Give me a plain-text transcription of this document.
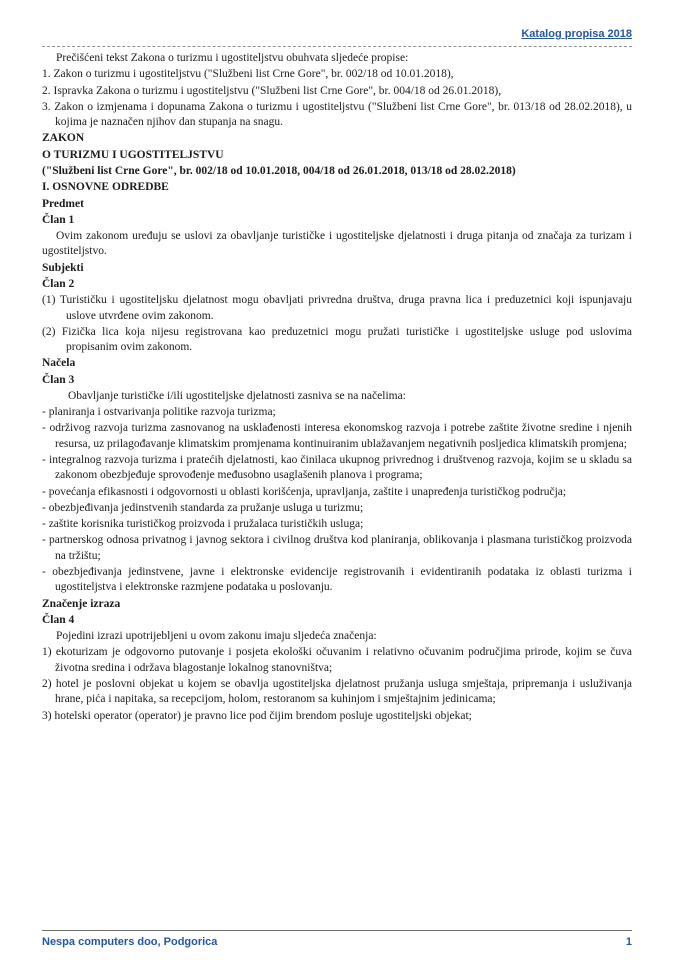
Katalog propisa 2018
Prečišćeni tekst Zakona o turizmu i ugostiteljstvu obuhvata sljedeće propise:
1. Zakon o turizmu i ugostiteljstvu ("Službeni list Crne Gore", br. 002/18 od 10.01.2018),
2. Ispravka Zakona o turizmu i ugostiteljstvu ("Službeni list Crne Gore", br. 004/18 od 26.01.2018),
3. Zakon o izmjenama i dopunama Zakona o turizmu i ugostiteljstvu ("Službeni list Crne Gore", br. 013/18 od 28.02.2018), u kojima je naznačen njihov dan stupanja na snagu.
ZAKON
O TURIZMU I UGOSTITELJSTVU
("Službeni list Crne Gore", br. 002/18 od 10.01.2018, 004/18 od 26.01.2018, 013/18 od 28.02.2018)
I. OSNOVNE ODREDBE
Predmet
Član 1
Ovim zakonom uređuju se uslovi za obavljanje turističke i ugostiteljske djelatnosti i druga pitanja od značaja za turizam i ugostiteljstvo.
Subjekti
Član 2
(1) Turističku i ugostiteljsku djelatnost mogu obavljati privredna društva, druga pravna lica i preduzetnici koji ispunjavaju uslove utvrđene ovim zakonom.
(2) Fizička lica koja nijesu registrovana kao preduzetnici mogu pružati turističke i ugostiteljske usluge pod uslovima propisanim ovim zakonom.
Načela
Član 3
Obavljanje turističke i/ili ugostiteljske djelatnosti zasniva se na načelima:
- planiranja i ostvarivanja politike razvoja turizma;
- održivog razvoja turizma zasnovanog na usklađenosti interesa ekonomskog razvoja i potrebe zaštite životne sredine i njenih resursa, uz prilagođavanje klimatskim promjenama kontinuiranim ublažavanjem negativnih posljedica klimatskih promjena;
- integralnog razvoja turizma i pratećih djelatnosti, kao činilaca ukupnog privrednog i društvenog razvoja, kojim se u skladu sa zakonom obezbjeđuje sprovođenje međusobno usaglašenih planova i programa;
- povećanja efikasnosti i odgovornosti u oblasti korišćenja, upravljanja, zaštite i unapređenja turističkog područja;
- obezbjeđivanja jedinstvenih standarda za pružanje usluga u turizmu;
- zaštite korisnika turističkog proizvoda i pružalaca turističkih usluga;
- partnerskog odnosa privatnog i javnog sektora i civilnog društva kod planiranja, oblikovanja i plasmana turističkog proizvoda na tržištu;
- obezbjeđivanja jedinstvene, javne i elektronske evidencije registrovanih i evidentiranih podataka iz oblasti turizma i ugostiteljstva i elektronske razmjene podataka u poslovanju.
Značenje izraza
Član 4
Pojedini izrazi upotrijebljeni u ovom zakonu imaju sljedeća značenja:
1) ekoturizam je odgovorno putovanje i posjeta ekološki očuvanim i relativno očuvanim područjima prirode, kojim se čuva životna sredina i održava blagostanje lokalnog stanovništva;
2) hotel je poslovni objekat u kojem se obavlja ugostiteljska djelatnost pružanja usluga smještaja, pripremanja i usluživanja hrane, pića i napitaka, sa recepcijom, holom, restoranom sa kuhinjom i smještajnim jedinicama;
3) hotelski operator (operator) je pravno lice pod čijim brendom posluje ugostiteljski objekat;
Nespa computers doo, Podgorica	1
